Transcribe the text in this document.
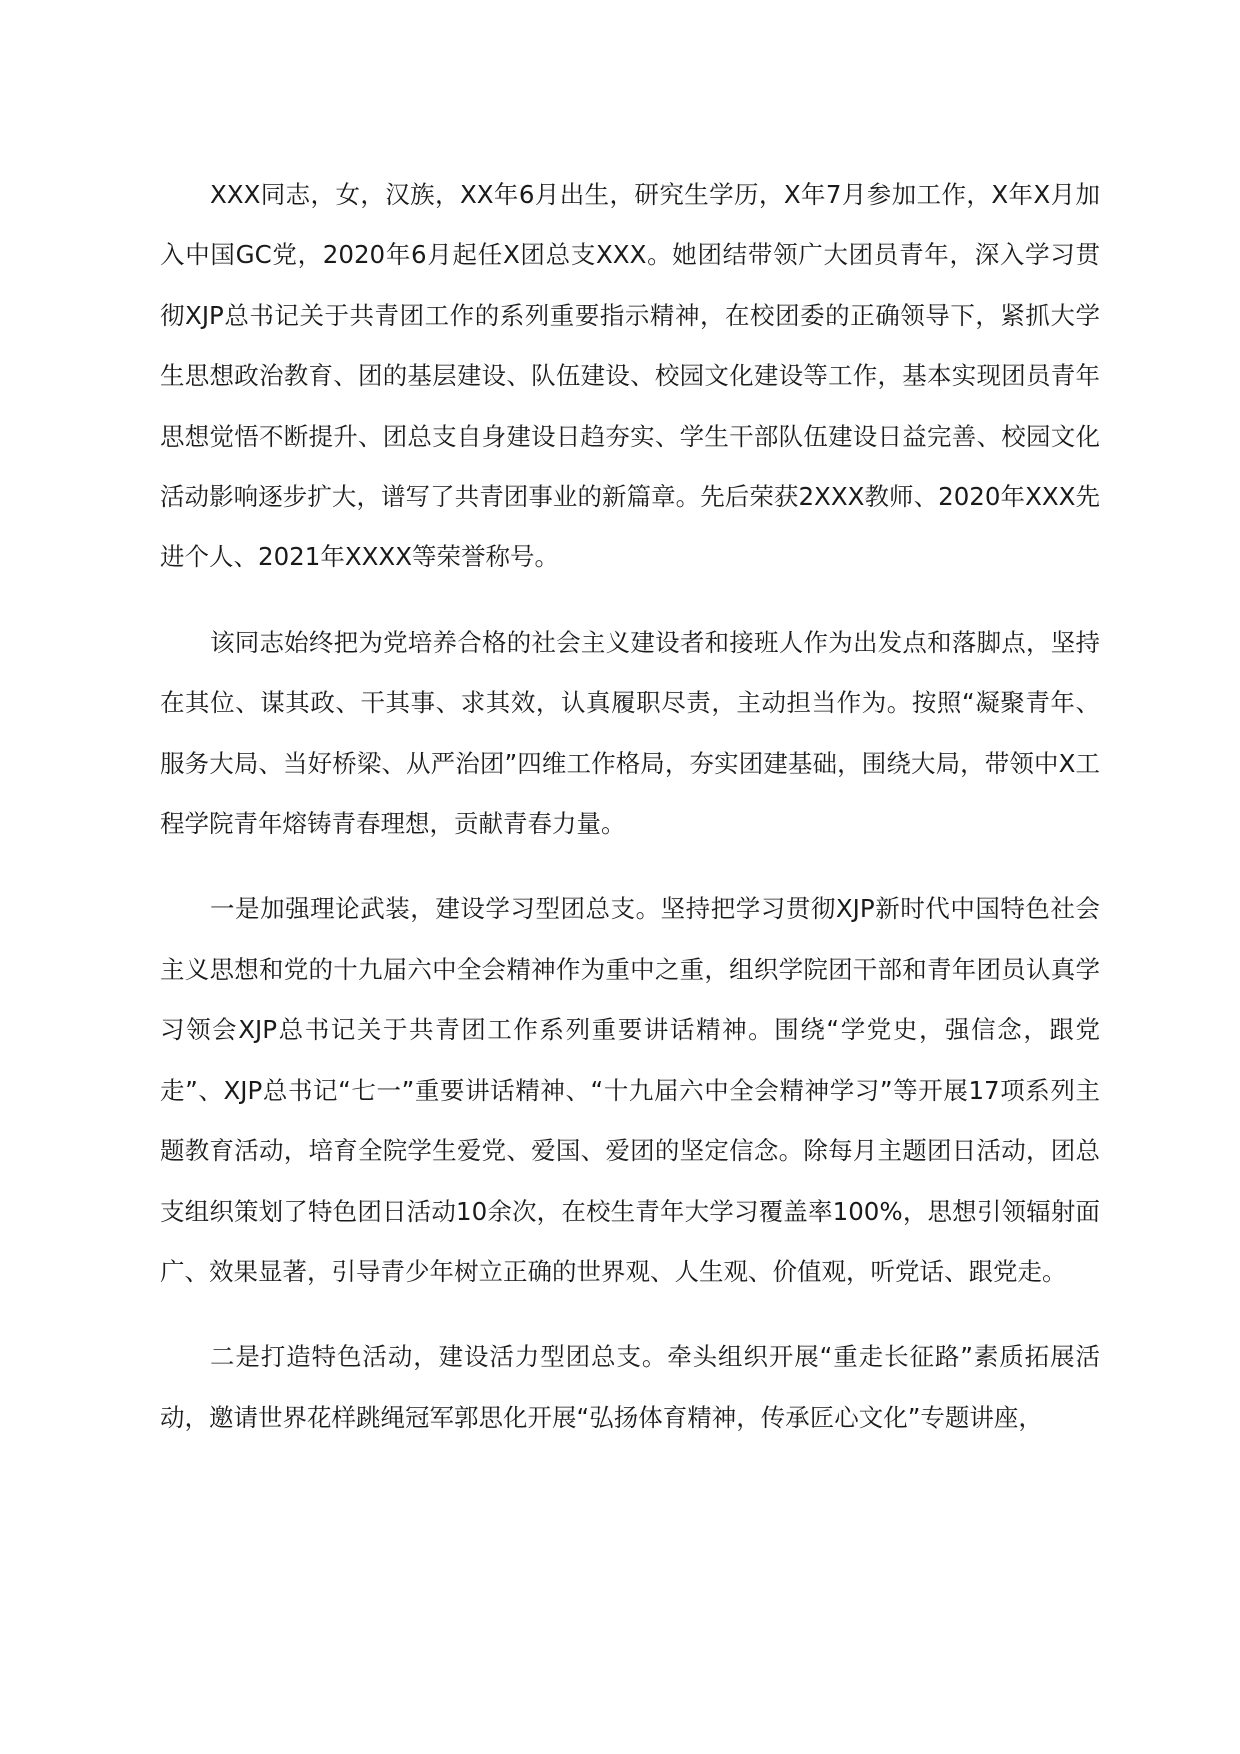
XXX同志，女，汉族，XX年6月出生，研究生学历，X年7月参加工作，X年X月加入中国GC党，2020年6月起任X团总支XXX。她团结带领广大团员青年，深入学习贯彻XJP总书记关于共青团工作的系列重要指示精神，在校团委的正确领导下，紧抓大学生思想政治教育、团的基层建设、队伍建设、校园文化建设等工作，基本实现团员青年思想觉悟不断提升、团总支自身建设日趋夯实、学生干部队伍建设日益完善、校园文化活动影响逐步扩大，谱写了共青团事业的新篇章。先后荣获2XXX教师、2020年XXX先进个人、2021年XXXX等荣誉称号。

该同志始终把为党培养合格的社会主义建设者和接班人作为出发点和落脚点，坚持在其位、谋其政、干其事、求其效，认真履职尽责，主动担当作为。按照“凝聚青年、服务大局、当好桥梁、从严治团”四维工作格局，夯实团建基础，围绕大局，带领中X工程学院青年熔铸青春理想，贡献青春力量。

一是加强理论武装，建设学习型团总支。坚持把学习贯彻XJP新时代中国特色社会主义思想和党的十九届六中全会精神作为重中之重，组织学院团干部和青年团员认真学习领会XJP总书记关于共青团工作系列重要讲话精神。围绕“学党史，强信念，跟党走”、XJP总书记“七一”重要讲话精神、“十九届六中全会精神学习”等开展17项系列主题教育活动，培育全院学生爱党、爱国、爱团的坚定信念。除每月主题团日活动，团总支组织策划了特色团日活动10余次，在校生青年大学习覆盖率100%，思想引领辐射面广、效果显著，引导青少年树立正确的世界观、人生观、价值观，听党话、跟党走。

二是打造特色活动，建设活力型团总支。牵头组织开展“重走长征路”素质拓展活动，邀请世界花样跳绳冠军郭思化开展“弘扬体育精神，传承匠心文化”专题讲座，
